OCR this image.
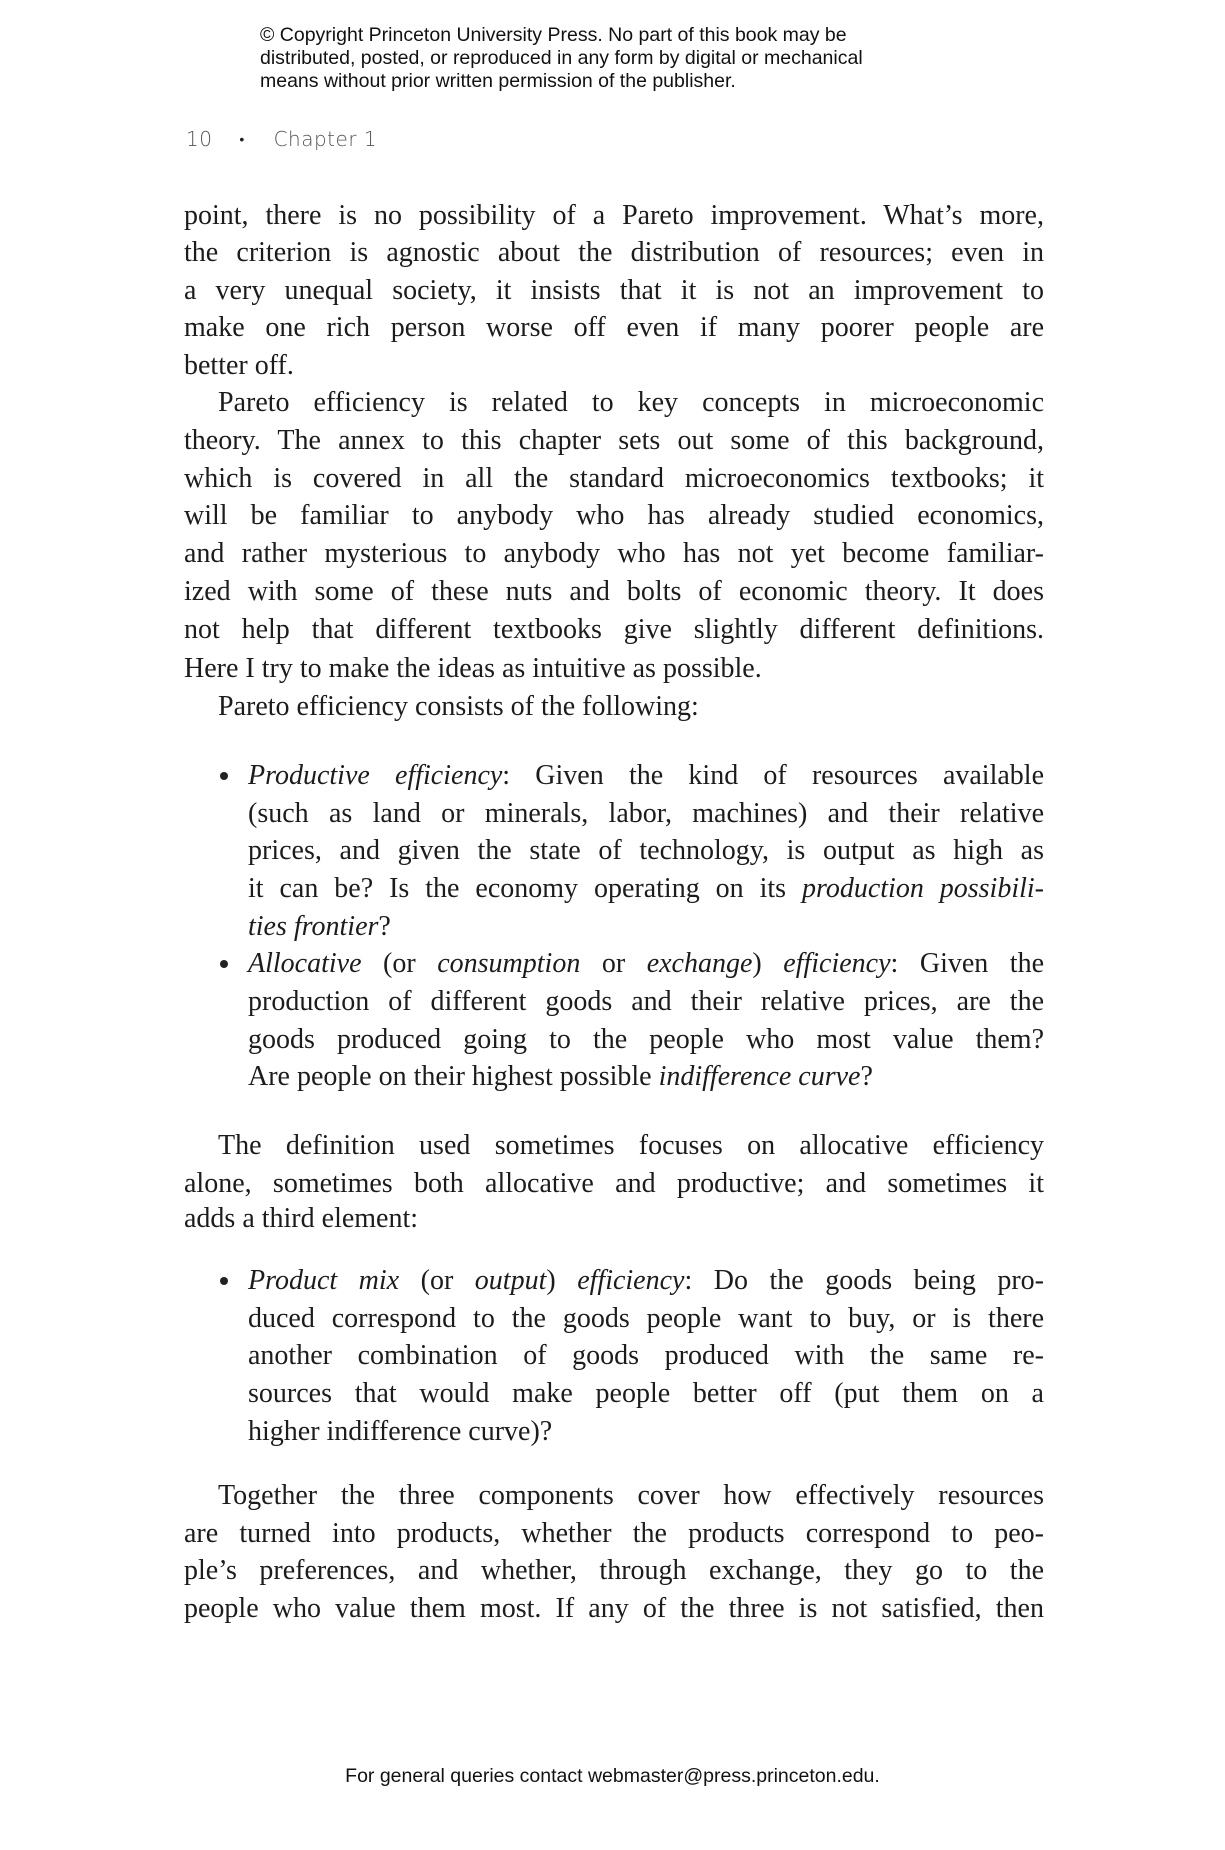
© Copyright Princeton University Press. No part of this book may be
distributed, posted, or reproduced in any form by digital or mechanical
means without prior written permission of the publisher.
10 • Chapter 1
point, there is no possibility of a Pareto improvement. What’s more,
the criterion is agnostic about the distribution of resources; even in
a very unequal society, it insists that it is not an improvement to
make one rich person worse off even if many poorer people are
better off.
Pareto efficiency is related to key concepts in microeconomic
theory. The annex to this chapter sets out some of this background,
which is covered in all the standard microeconomics textbooks; it
will be familiar to anybody who has already studied economics,
and rather mysterious to anybody who has not yet become familiar-
ized with some of these nuts and bolts of economic theory. It does
not help that different textbooks give slightly different definitions.
Here I try to make the ideas as intuitive as possible.
Pareto efficiency consists of the following:
Productive efficiency: Given the kind of resources available
(such as land or minerals, labor, machines) and their relative
prices, and given the state of technology, is output as high as
it can be? Is the economy operating on its production possibili-
ties frontier?
Allocative (or consumption or exchange) efficiency: Given the
production of different goods and their relative prices, are the
goods produced going to the people who most value them?
Are people on their highest possible indifference curve?
The definition used sometimes focuses on allocative efficiency
alone, sometimes both allocative and productive; and sometimes it
adds a third element:
Product mix (or output) efficiency: Do the goods being pro-
duced correspond to the goods people want to buy, or is there
another combination of goods produced with the same re-
sources that would make people better off (put them on a
higher indifference curve)?
Together the three components cover how effectively resources
are turned into products, whether the products correspond to peo-
ple’s preferences, and whether, through exchange, they go to the
people who value them most. If any of the three is not satisfied, then
For general queries contact webmaster@press.princeton.edu.
